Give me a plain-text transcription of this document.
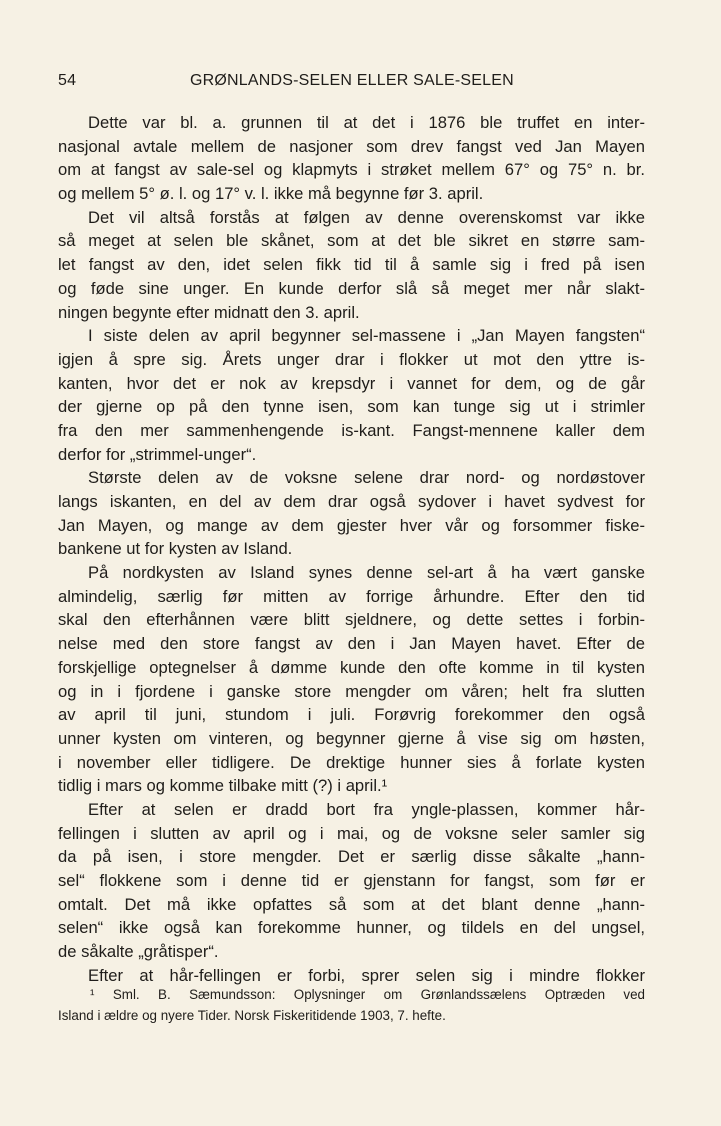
54	GRØNLANDS-SELEN ELLER SALE-SELEN
Dette var bl. a. grunnen til at det i 1876 ble truffet en inter-
nasjonal avtale mellem de nasjoner som drev fangst ved Jan Mayen
om at fangst av sale-sel og klapmyts i strøket mellem 67° og 75° n. br.
og mellem 5° ø. l. og 17° v. l. ikke må begynne før 3. april.
Det vil altså forstås at følgen av denne overenskomst var ikke
så meget at selen ble skånet, som at det ble sikret en større sam-
let fangst av den, idet selen fikk tid til å samle sig i fred på isen
og føde sine unger. En kunde derfor slå så meget mer når slakt-
ningen begynte efter midnatt den 3. april.
I siste delen av april begynner sel-massene i „Jan Mayen fangsten“
igjen å spre sig. Årets unger drar i flokker ut mot den yttre is-
kanten, hvor det er nok av krepsdyr i vannet for dem, og de går
der gjerne op på den tynne isen, som kan tunge sig ut i strimler
fra den mer sammenhengende is-kant. Fangst-mennene kaller dem
derfor for „strimmel-unger“.
Største delen av de voksne selene drar nord- og nordøstover
langs iskanten, en del av dem drar også sydover i havet sydvest for
Jan Mayen, og mange av dem gjester hver vår og forsommer fiske-
bankene ut for kysten av Island.
På nordkysten av Island synes denne sel-art å ha vært ganske
almindelig, særlig før mitten av forrige århundre. Efter den tid
skal den efterhånnen være blitt sjeldnere, og dette settes i forbin-
nelse med den store fangst av den i Jan Mayen havet. Efter de
forskjellige optegnelser å dømme kunde den ofte komme in til kysten
og in i fjordene i ganske store mengder om våren; helt fra slutten
av april til juni, stundom i juli. Forøvrig forekommer den også
unner kysten om vinteren, og begynner gjerne å vise sig om høsten,
i november eller tidligere. De drektige hunner sies å forlate kysten
tidlig i mars og komme tilbake mitt (?) i april.¹
Efter at selen er dradd bort fra yngle-plassen, kommer hår-
fellingen i slutten av april og i mai, og de voksne seler samler sig
da på isen, i store mengder. Det er særlig disse såkalte „hann-
sel“ flokkene som i denne tid er gjenstann for fangst, som før er
omtalt. Det må ikke opfattes så som at det blant denne „hann-
selen“ ikke også kan forekomme hunner, og tildels en del ungsel,
de såkalte „gråtisper“.
Efter at hår-fellingen er forbi, sprer selen sig i mindre flokker
¹ Sml. B. Sæmundsson: Oplysninger om Grønlandssælens Optræden ved
Island i ældre og nyere Tider. Norsk Fiskeritidende 1903, 7. hefte.
